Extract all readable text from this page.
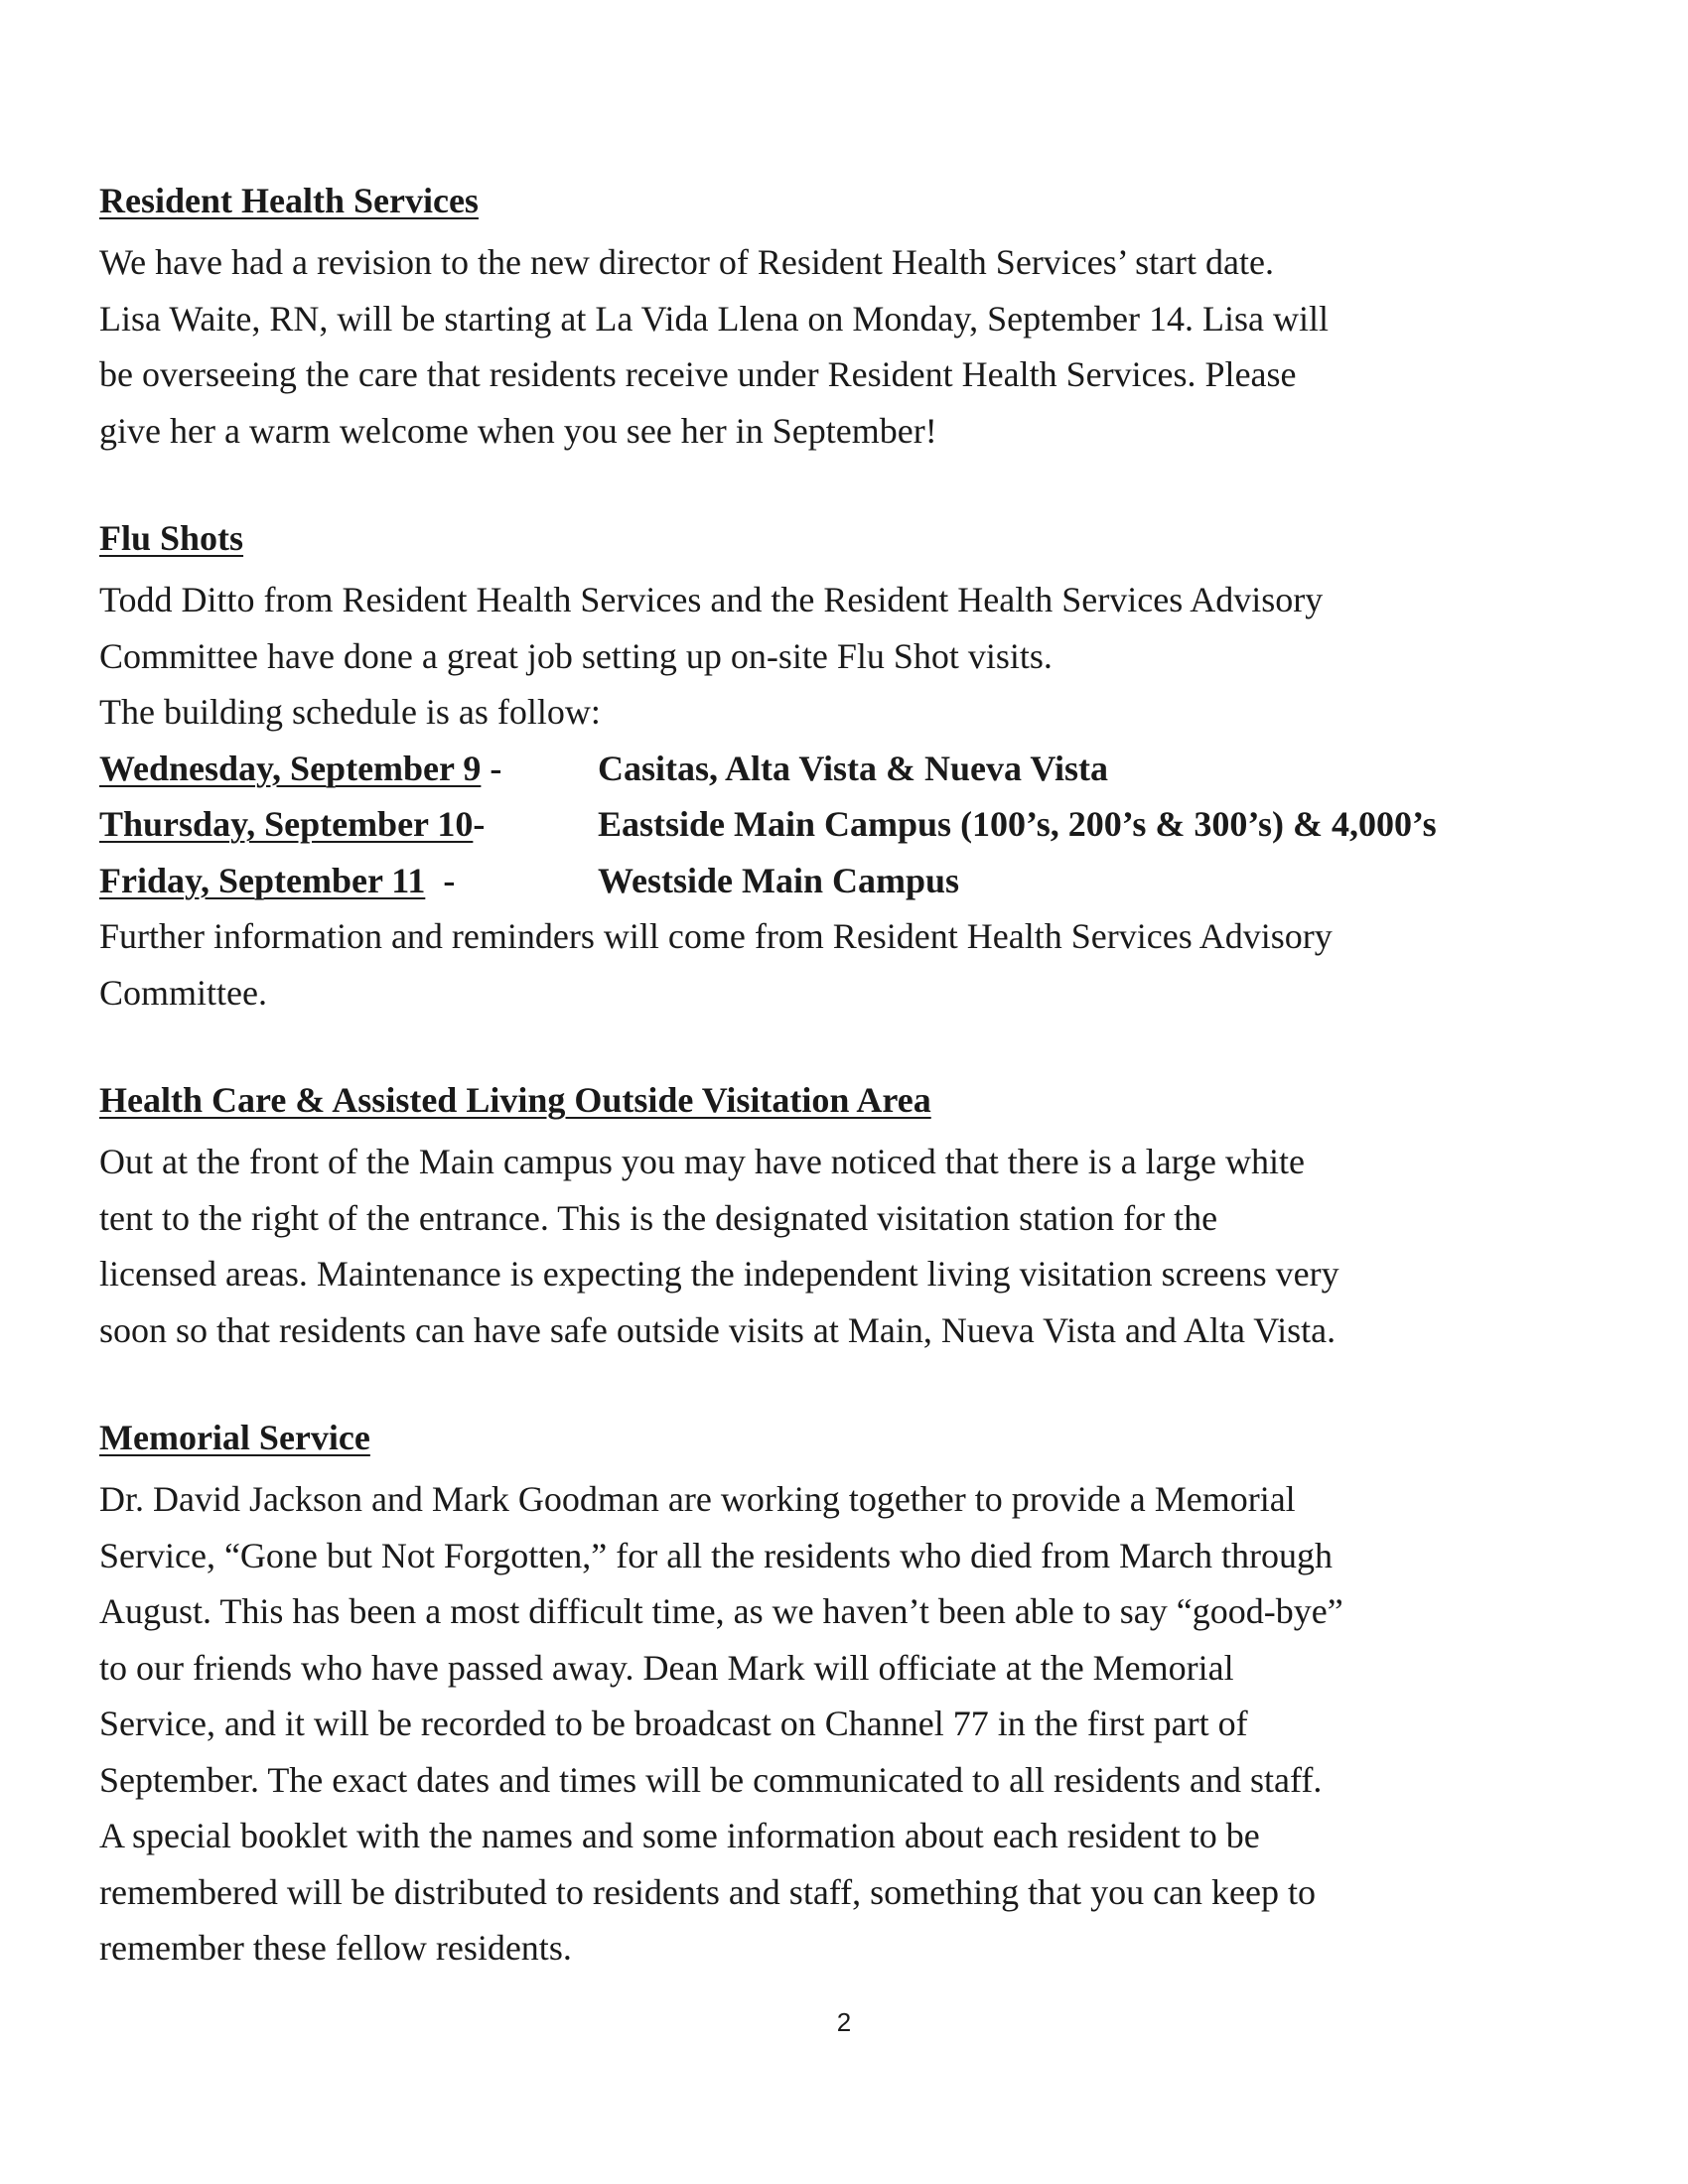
Resident Health Services

We have had a revision to the new director of Resident Health Services’ start date.
Lisa Waite, RN, will be starting at La Vida Llena on Monday, September 14. Lisa will
be overseeing the care that residents receive under Resident Health Services. Please
give her a warm welcome when you see her in September!

Flu Shots

Todd Ditto from Resident Health Services and the Resident Health Services Advisory
Committee have done a great job setting up on-site Flu Shot visits.
The building schedule is as follow:

Wednesday, September 9 -	Casitas, Alta Vista & Nueva Vista
Thursday, September 10-	Eastside Main Campus (100’s, 200’s & 300’s) & 4,000’s
Friday, September 11  -	Westside Main Campus

Further information and reminders will come from Resident Health Services Advisory
Committee.

Health Care & Assisted Living Outside Visitation Area

Out at the front of the Main campus you may have noticed that there is a large white
tent to the right of the entrance. This is the designated visitation station for the
licensed areas. Maintenance is expecting the independent living visitation screens very
soon so that residents can have safe outside visits at Main, Nueva Vista and Alta Vista.

Memorial Service

Dr. David Jackson and Mark Goodman are working together to provide a Memorial
Service, “Gone but Not Forgotten,” for all the residents who died from March through
August. This has been a most difficult time, as we haven’t been able to say “good-bye”
to our friends who have passed away. Dean Mark will officiate at the Memorial
Service, and it will be recorded to be broadcast on Channel 77 in the first part of
September. The exact dates and times will be communicated to all residents and staff.
A special booklet with the names and some information about each resident to be
remembered will be distributed to residents and staff, something that you can keep to
remember these fellow residents.

2
